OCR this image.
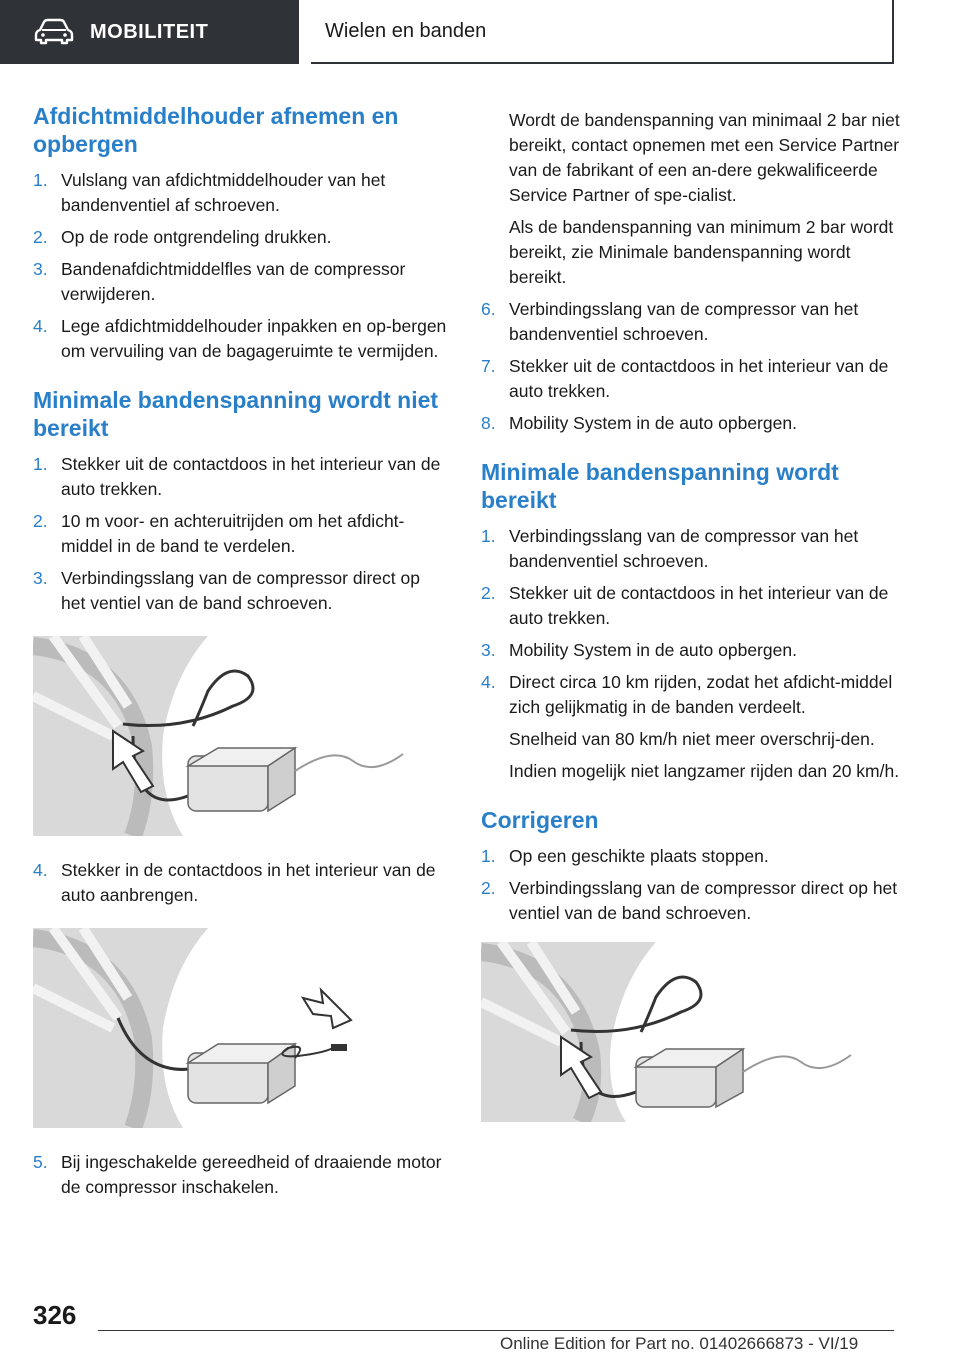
MOBILITEIT	Wielen en banden
Afdichtmiddelhouder afnemen en opbergen
1. Vulslang van afdichtmiddelhouder van het bandenventiel af schroeven.
2. Op de rode ontgrendeling drukken.
3. Bandenafdichtmiddelfles van de compressor verwijderen.
4. Lege afdichtmiddelhouder inpakken en op-bergen om vervuiling van de bagageruimte te vermijden.
Minimale bandenspanning wordt niet bereikt
1. Stekker uit de contactdoos in het interieur van de auto trekken.
2. 10 m voor- en achteruitrijden om het afdicht-middel in de band te verdelen.
3. Verbindingsslang van de compressor direct op het ventiel van de band schroeven.
4. Stekker in de contactdoos in het interieur van de auto aanbrengen.
5. Bij ingeschakelde gereedheid of draaiende motor de compressor inschakelen.

Wordt de bandenspanning van minimaal 2 bar niet bereikt, contact opnemen met een Service Partner van de fabrikant of een an-dere gekwalificeerde Service Partner of spe-cialist.

Als de bandenspanning van minimum 2 bar wordt bereikt, zie Minimale bandenspanning wordt bereikt.

6. Verbindingsslang van de compressor van het bandenventiel schroeven.
7. Stekker uit de contactdoos in het interieur van de auto trekken.
8. Mobility System in de auto opbergen.
Minimale bandenspanning wordt bereikt
1. Verbindingsslang van de compressor van het bandenventiel schroeven.
2. Stekker uit de contactdoos in het interieur van de auto trekken.
3. Mobility System in de auto opbergen.
4. Direct circa 10 km rijden, zodat het afdicht-middel zich gelijkmatig in de banden verdeelt.

Snelheid van 80 km/h niet meer overschrij-den.

Indien mogelijk niet langzamer rijden dan 20 km/h.

Corrigeren
1. Op een geschikte plaats stoppen.
2. Verbindingsslang van de compressor direct op het ventiel van de band schroeven.
326
Online Edition for Part no. 01402666873 - VI/19
